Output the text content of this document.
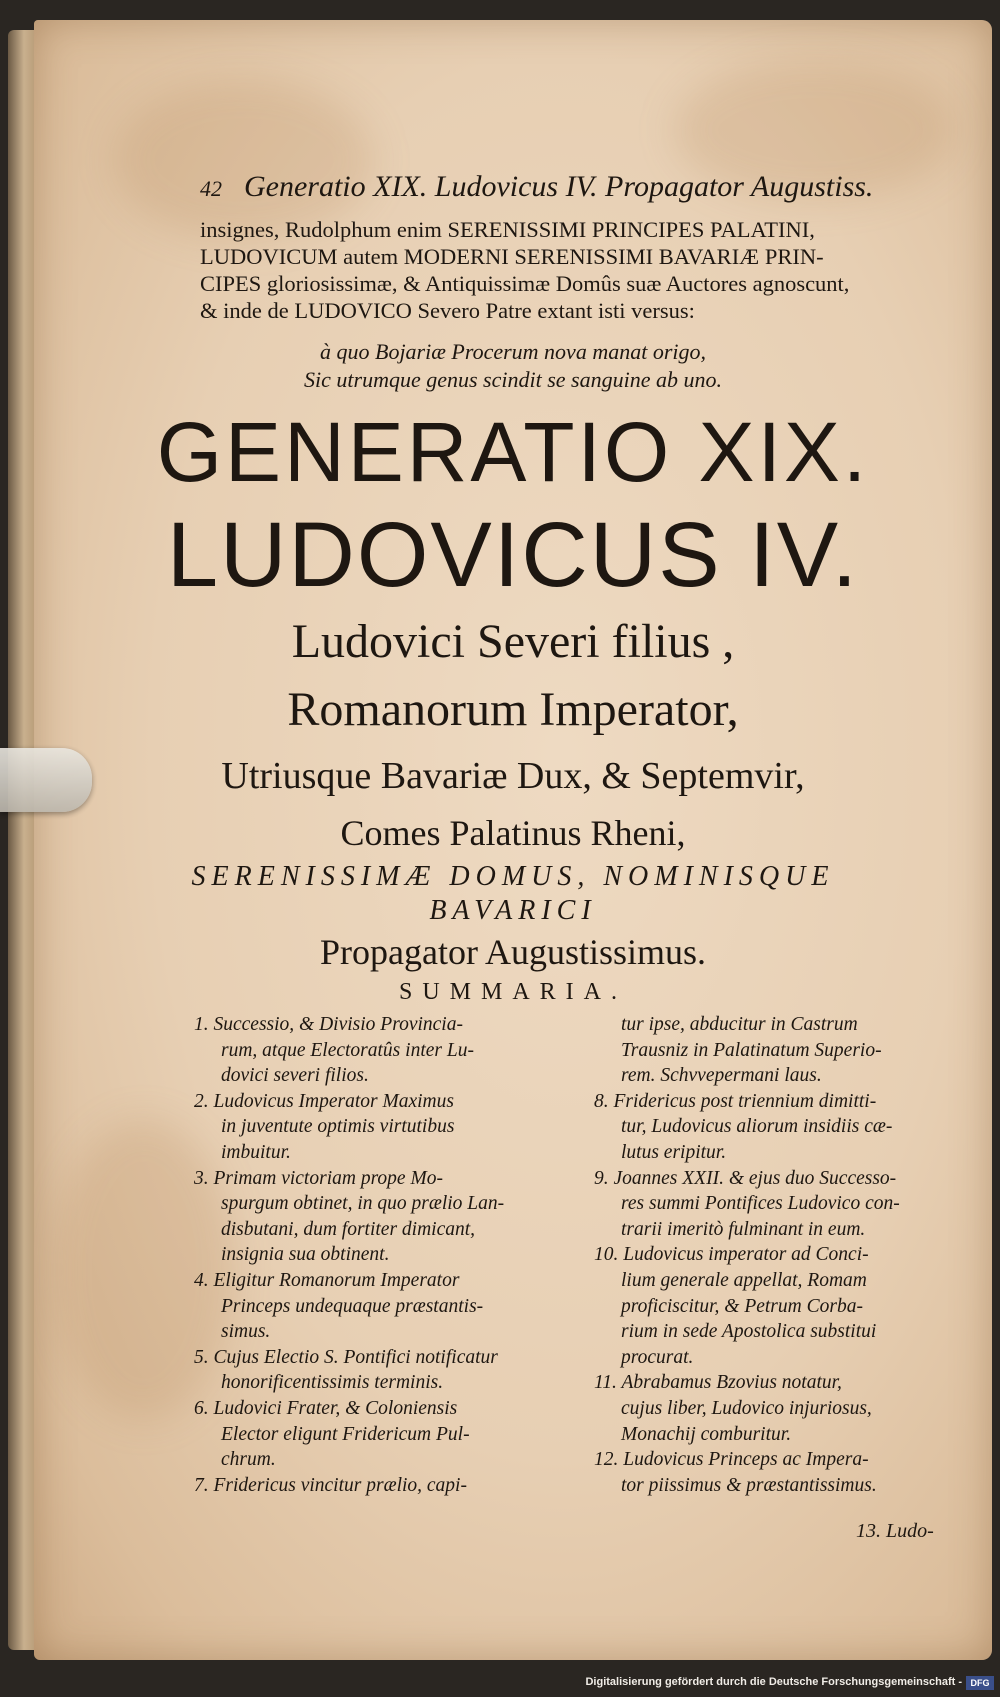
42 Generatio XIX. Ludovicus IV. Propagator Augustiss.

insignes, Rudolphum enim SERENISSIMI PRINCIPES PALATINI,

LUDOVICUM autem MODERNI SERENISSIMI BAVARIÆ PRIN-

CIPES gloriosissimæ, & Antiquissimæ Domûs suæ Auctores agnoscunt,

& inde de LUDOVICO Severo Patre extant isti versus:

à quo Bojariæ Procerum nova manat origo,

Sic utrumque genus scindit se sanguine ab uno.

GENERATIO XIX.
LUDOVICUS IV.
Ludovici Severi filius ,
Romanorum Imperator,
Utriusque Bavariæ Dux, & Septemvir,
Comes Palatinus Rheni,
SERENISSIMÆ DOMUS, NOMINISQUE
BAVARICI
Propagator Augustissimus.
SUMMARIA.

1. Successio, & Divisio Provincia-

rum, atque Electoratûs inter Lu-

dovici severi filios.

2. Ludovicus Imperator Maximus

in juventute optimis virtutibus

imbuitur.

3. Primam victoriam prope Mo-

spurgum obtinet, in quo prælio Lan-

disbutani, dum fortiter dimicant,

insignia sua obtinent.

4. Eligitur Romanorum Imperator

Princeps undequaque præstantis-

simus.

5. Cujus Electio S. Pontifici notificatur

honorificentissimis terminis.

6. Ludovici Frater, & Coloniensis

Elector eligunt Fridericum Pul-

chrum.

7. Fridericus vincitur prælio, capi-

tur ipse, abducitur in Castrum

Trausniz in Palatinatum Superio-

rem. Schvvepermani laus.

8. Fridericus post triennium dimitti-

tur, Ludovicus aliorum insidiis cæ-

lutus eripitur.

9. Joannes XXII. & ejus duo Successo-

res summi Pontifices Ludovico con-

trarii imeritò fulminant in eum.

10. Ludovicus imperator ad Conci-

lium generale appellat, Romam

proficiscitur, & Petrum Corba-

rium in sede Apostolica substitui

procurat.

11. Abrabamus Bzovius notatur,

cujus liber, Ludovico injuriosus,

Monachij comburitur.

12. Ludovicus Princeps ac Impera-

tor piissimus & præstantissimus.

13. Ludo-
Digitalisierung gefördert durch die Deutsche Forschungsgemeinschaft - DFG
